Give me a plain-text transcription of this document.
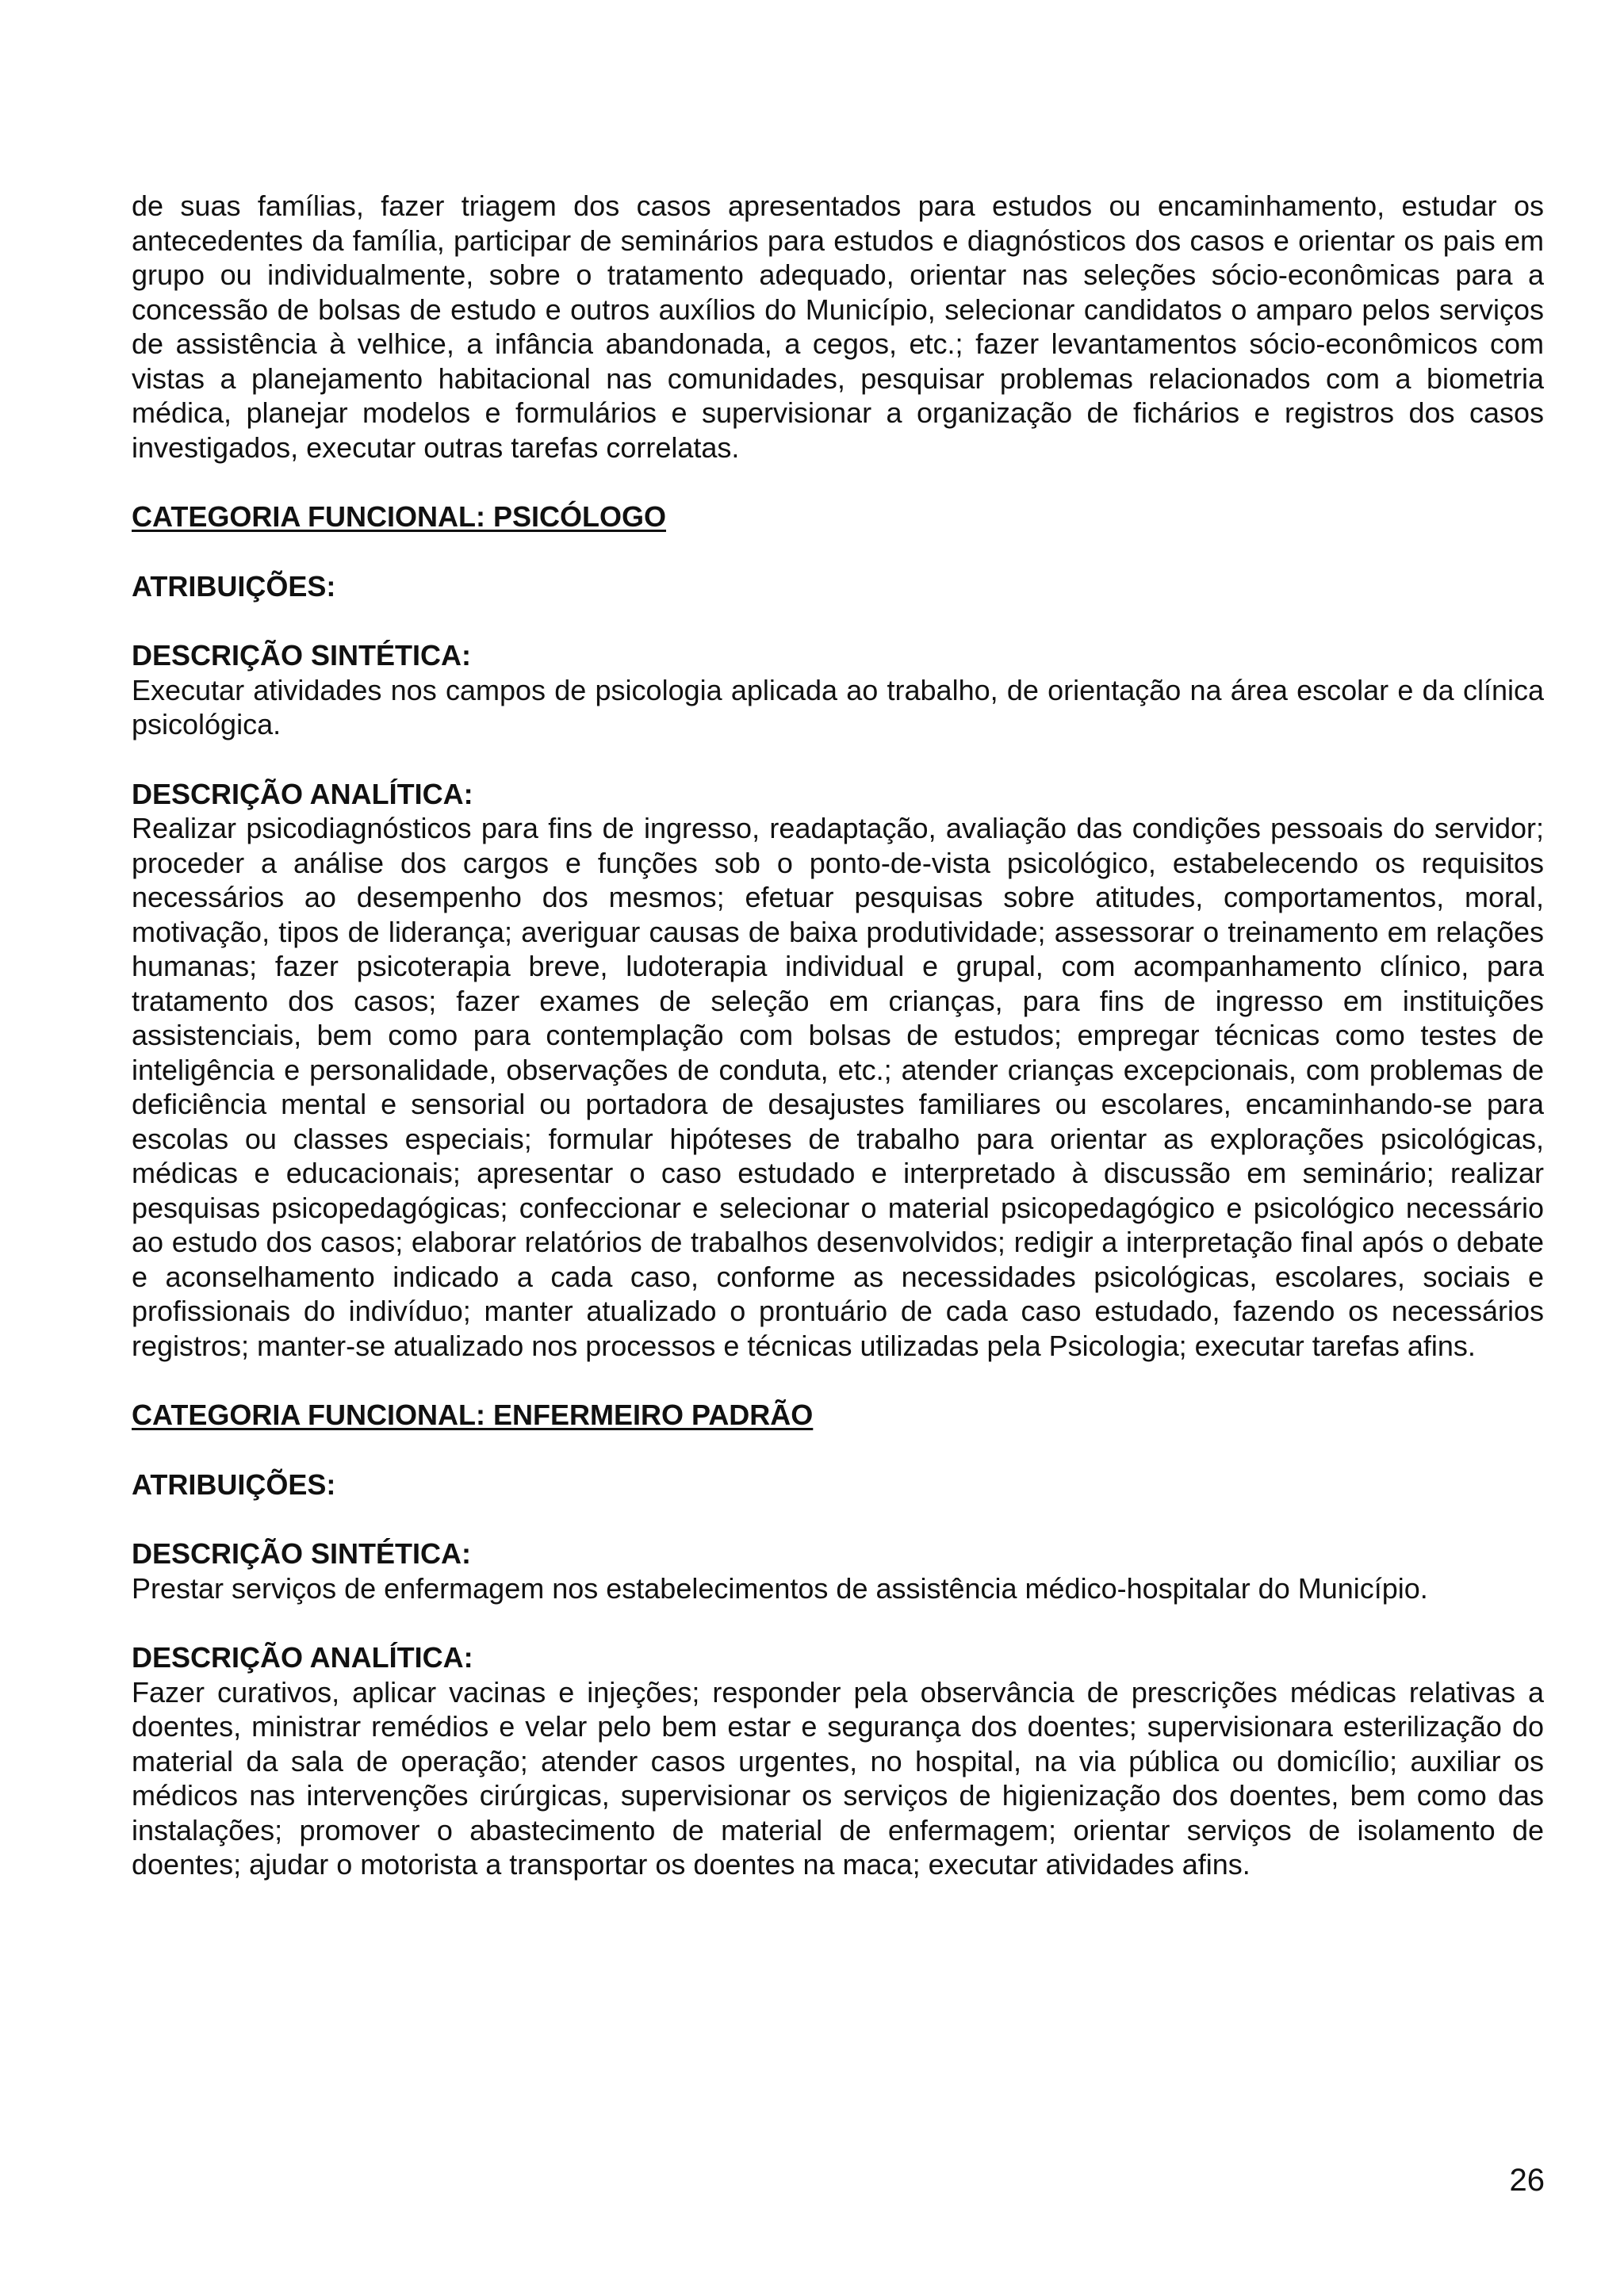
de suas famílias, fazer triagem dos casos apresentados para estudos ou encaminhamento, estudar os antecedentes da família, participar de seminários para estudos e diagnósticos dos casos e orientar os pais em grupo ou individualmente, sobre o tratamento adequado, orientar nas seleções sócio-econômicas para a concessão de bolsas de estudo e outros auxílios do Município, selecionar candidatos o amparo pelos serviços de assistência à velhice, a infância abandonada, a cegos, etc.; fazer levantamentos sócio-econômicos com vistas a planejamento habitacional nas comunidades, pesquisar problemas relacionados com a biometria médica, planejar modelos e formulários e supervisionar a organização de fichários e registros dos casos investigados, executar outras tarefas correlatas.

CATEGORIA FUNCIONAL: PSICÓLOGO

ATRIBUIÇÕES:

DESCRIÇÃO SINTÉTICA:

Executar atividades nos campos de psicologia aplicada ao trabalho, de orientação na área escolar e da clínica psicológica.

DESCRIÇÃO ANALÍTICA:

Realizar psicodiagnósticos para fins de ingresso, readaptação, avaliação das condições pessoais do servidor; proceder a análise dos cargos e funções sob o ponto-de-vista psicológico, estabelecendo os requisitos necessários ao desempenho dos mesmos; efetuar pesquisas sobre atitudes, comportamentos, moral, motivação, tipos de liderança; averiguar causas de baixa produtividade; assessorar o treinamento em relações humanas; fazer psicoterapia breve, ludoterapia individual e grupal, com acompanhamento clínico, para tratamento dos casos; fazer exames de seleção em crianças, para fins de ingresso em instituições assistenciais, bem como para contemplação com bolsas de estudos; empregar técnicas como testes de inteligência e personalidade, observações de conduta, etc.; atender crianças excepcionais, com problemas de deficiência mental e sensorial ou portadora de desajustes familiares ou escolares, encaminhando-se para escolas ou classes especiais; formular hipóteses de trabalho para orientar as explorações psicológicas, médicas e educacionais; apresentar o caso estudado e interpretado à discussão em seminário; realizar pesquisas psicopedagógicas; confeccionar e selecionar o material psicopedagógico e psicológico necessário ao estudo dos casos; elaborar relatórios de trabalhos desenvolvidos; redigir a interpretação final após o debate e aconselhamento indicado a cada caso, conforme as necessidades psicológicas, escolares, sociais e profissionais do indivíduo; manter atualizado o prontuário de cada caso estudado, fazendo os necessários registros; manter-se atualizado nos processos e técnicas utilizadas pela Psicologia; executar tarefas afins.

CATEGORIA FUNCIONAL: ENFERMEIRO PADRÃO

ATRIBUIÇÕES:

DESCRIÇÃO SINTÉTICA:

Prestar serviços de enfermagem nos estabelecimentos de assistência médico-hospitalar do Município.

DESCRIÇÃO ANALÍTICA:

Fazer curativos, aplicar vacinas e injeções; responder pela observância de prescrições médicas relativas a doentes, ministrar remédios e velar pelo bem estar e segurança dos doentes; supervisionara esterilização do material da sala de operação; atender casos urgentes, no hospital, na via pública ou domicílio; auxiliar os médicos nas intervenções cirúrgicas, supervisionar os serviços de higienização dos doentes, bem como das instalações; promover o abastecimento de material de enfermagem; orientar serviços de isolamento de doentes; ajudar o motorista a transportar os doentes na maca; executar atividades afins.

26
